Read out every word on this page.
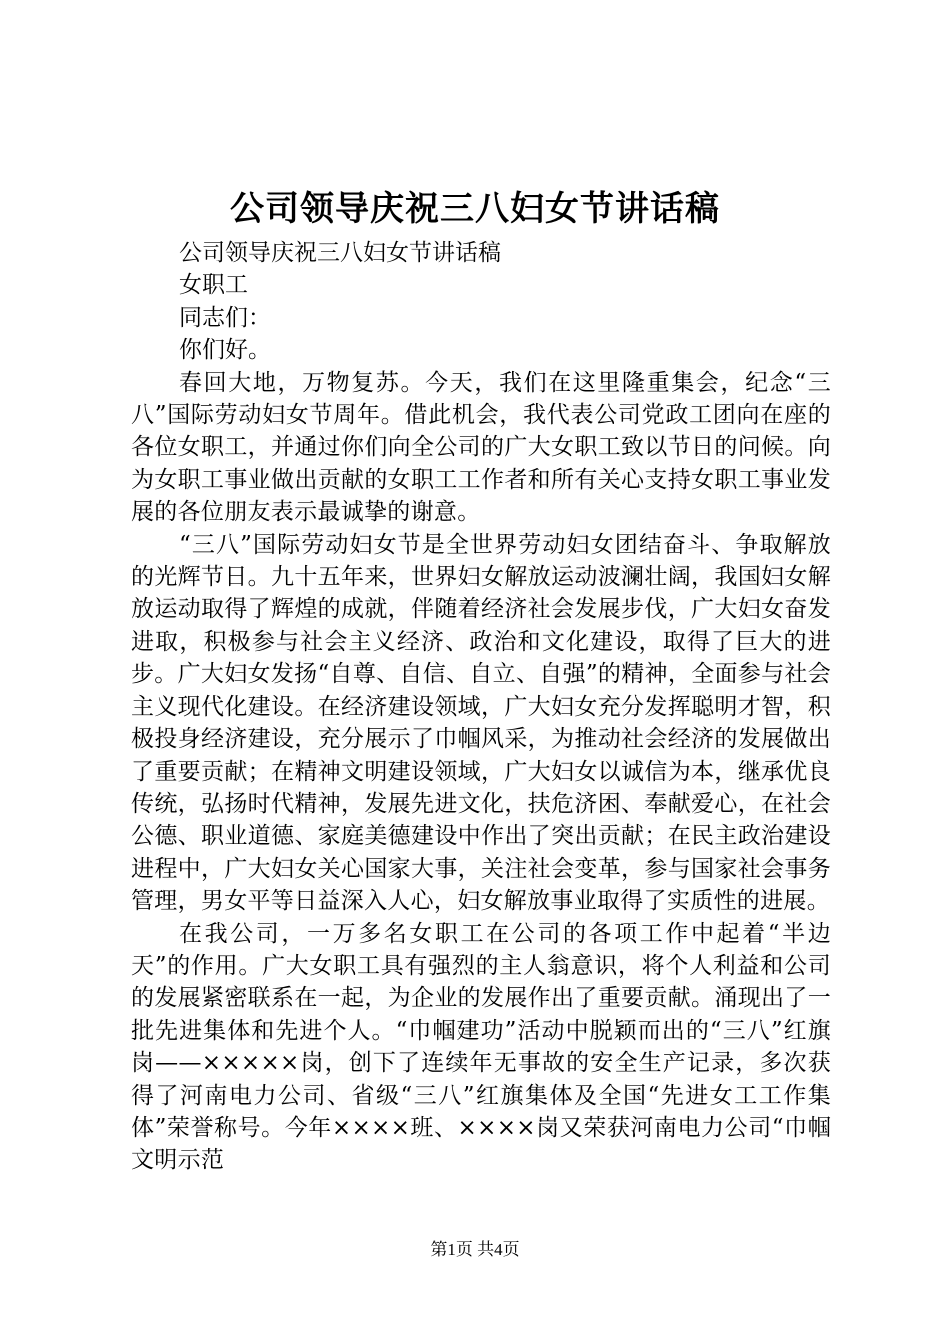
公司领导庆祝三八妇女节讲话稿

公司领导庆祝三八妇女节讲话稿

女职工

同志们：

你们好。

春回大地，万物复苏。今天，我们在这里隆重集会，纪念“三八”国际劳动妇女节周年。借此机会，我代表公司党政工团向在座的各位女职工，并通过你们向全公司的广大女职工致以节日的问候。向为女职工事业做出贡献的女职工工作者和所有关心支持女职工事业发展的各位朋友表示最诚挚的谢意。

“三八”国际劳动妇女节是全世界劳动妇女团结奋斗、争取解放的光辉节日。九十五年来，世界妇女解放运动波澜壮阔，我国妇女解放运动取得了辉煌的成就，伴随着经济社会发展步伐，广大妇女奋发进取，积极参与社会主义经济、政治和文化建设，取得了巨大的进步。广大妇女发扬“自尊、自信、自立、自强”的精神，全面参与社会主义现代化建设。在经济建设领域，广大妇女充分发挥聪明才智，积极投身经济建设，充分展示了巾帼风采，为推动社会经济的发展做出了重要贡献；在精神文明建设领域，广大妇女以诚信为本，继承优良传统，弘扬时代精神，发展先进文化，扶危济困、奉献爱心，在社会公德、职业道德、家庭美德建设中作出了突出贡献；在民主政治建设进程中，广大妇女关心国家大事，关注社会变革，参与国家社会事务管理，男女平等日益深入人心，妇女解放事业取得了实质性的进展。

在我公司，一万多名女职工在公司的各项工作中起着“半边天”的作用。广大女职工具有强烈的主人翁意识，将个人利益和公司的发展紧密联系在一起，为企业的发展作出了重要贡献。涌现出了一批先进集体和先进个人。“巾帼建功”活动中脱颖而出的“三八”红旗岗——×××××岗，创下了连续年无事故的安全生产记录，多次获得了河南电力公司、省级“三八”红旗集体及全国“先进女工工作集体”荣誉称号。今年××××班、××××岗又荣获河南电力公司“巾帼文明示范

第1页 共4页
